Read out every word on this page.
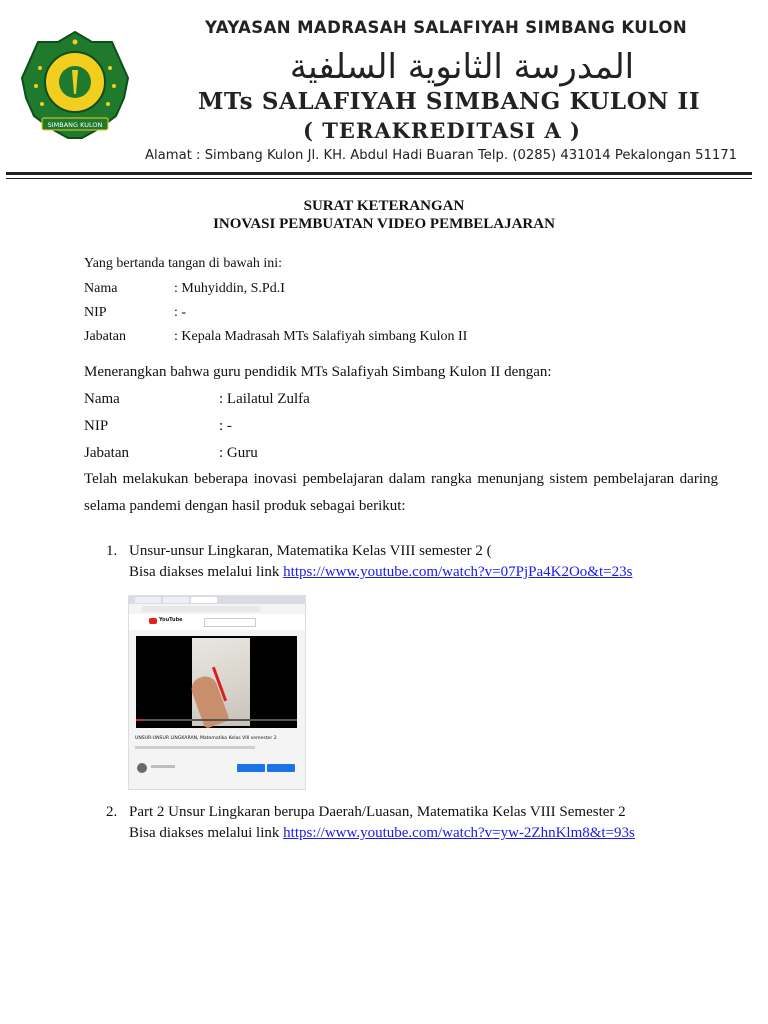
SIMBANG KULON
YAYASAN MADRASAH SALAFIYAH SIMBANG KULON
المدرسة الثانوية السلفية
MTs SALAFIYAH SIMBANG KULON II
( TERAKREDITASI A )
Alamat : Simbang Kulon Jl. KH. Abdul Hadi Buaran Telp. (0285) 431014 Pekalongan 51171
SURAT KETERANGAN
INOVASI PEMBUATAN VIDEO PEMBELAJARAN
Yang bertanda tangan di bawah ini:
Nama	: Muhyiddin, S.Pd.I
NIP	: -
Jabatan	: Kepala Madrasah MTs Salafiyah simbang Kulon II
Menerangkan bahwa guru pendidik MTs Salafiyah Simbang Kulon II dengan:
Nama	: Lailatul Zulfa
NIP	: -
Jabatan	: Guru
Telah melakukan beberapa inovasi pembelajaran dalam rangka menunjang sistem pembelajaran daring selama pandemi dengan hasil produk sebagai berikut:
1. Unsur-unsur Lingkaran, Matematika Kelas VIII semester 2 (
Bisa diakses melalui link https://www.youtube.com/watch?v=07PjPa4K2Oo&t=23s
YouTube
UNSUR-UNSUR LINGKARAN, Matematika Kelas VIII semester 2
2. Part 2 Unsur Lingkaran berupa Daerah/Luasan, Matematika Kelas VIII Semester 2
Bisa diakses melalui link https://www.youtube.com/watch?v=yw-2ZhnKlm8&t=93s
